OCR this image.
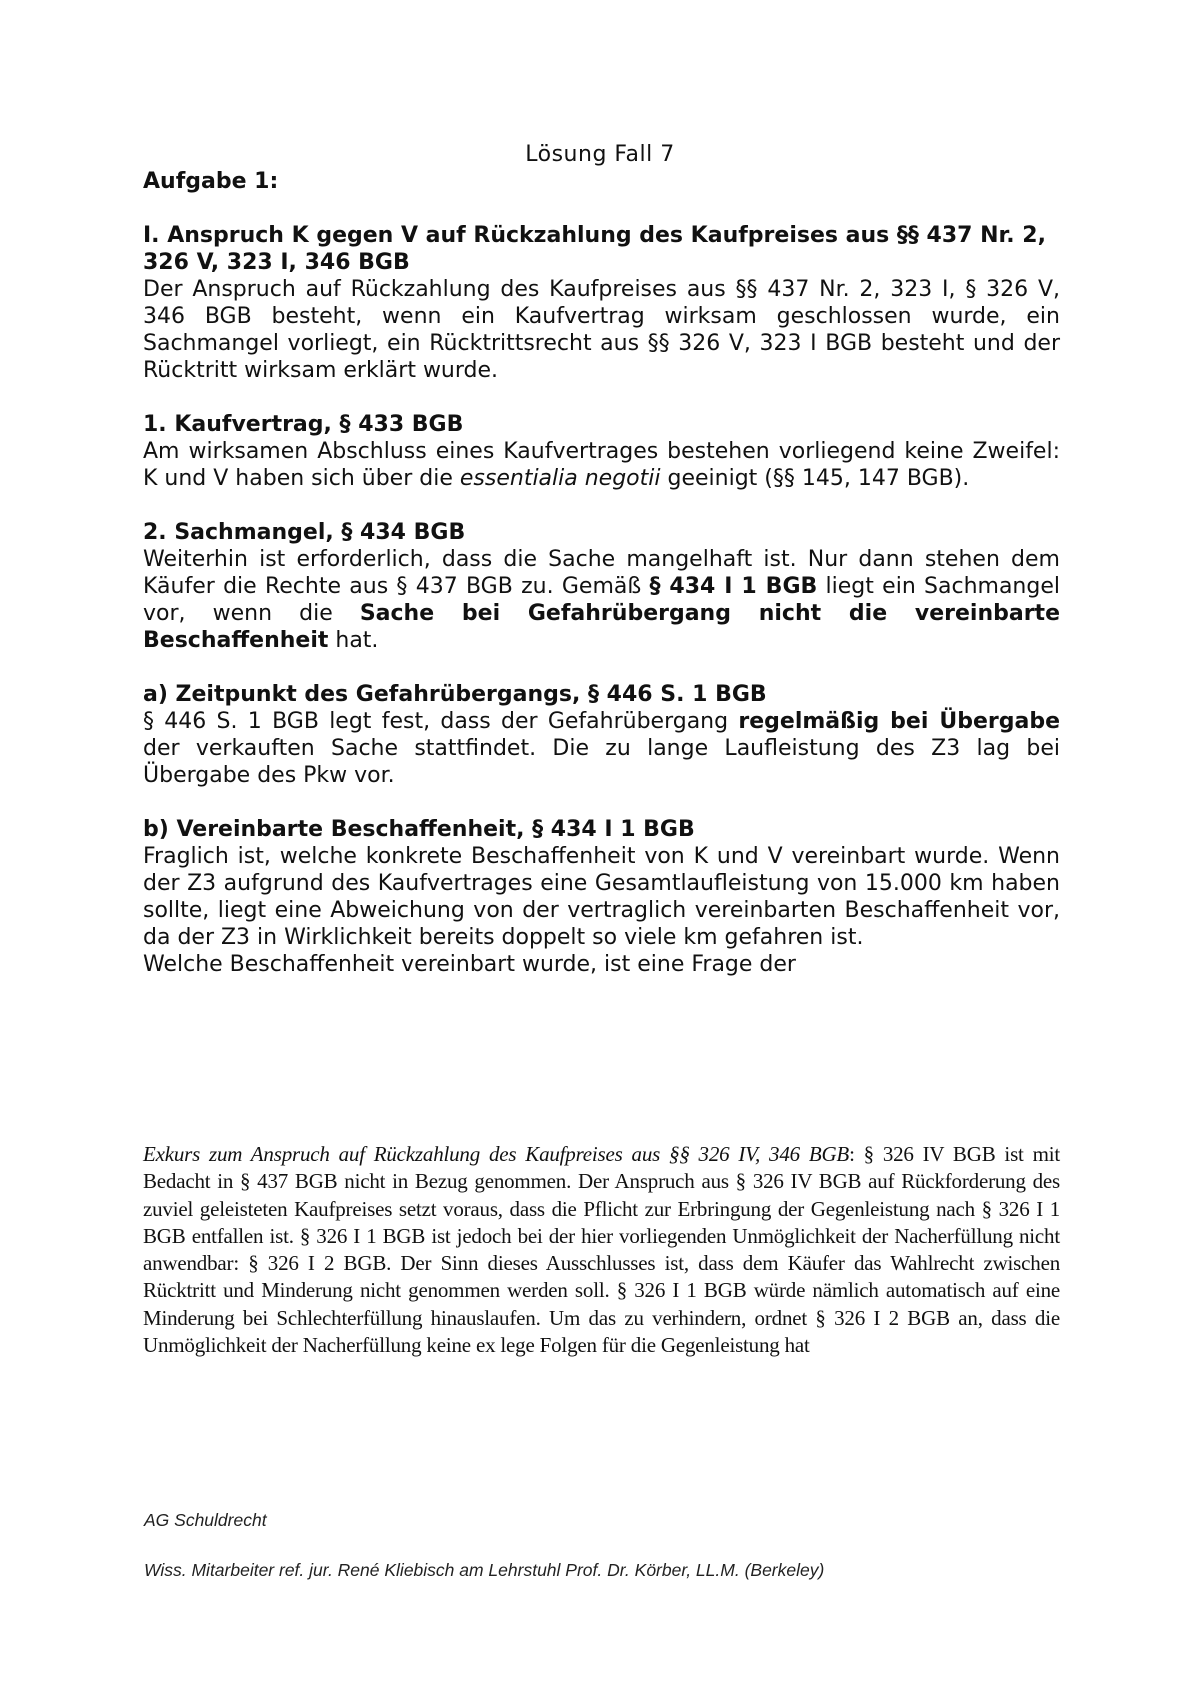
Lösung Fall 7

Aufgabe 1:

I. Anspruch K gegen V auf Rückzahlung des Kaufpreises aus §§ 437 Nr. 2, 326 V, 323 I, 346 BGB

Der Anspruch auf Rückzahlung des Kaufpreises aus §§ 437 Nr. 2, 323 I, § 326 V, 346 BGB besteht, wenn ein Kaufvertrag wirksam geschlossen wurde, ein Sachmangel vorliegt, ein Rücktrittsrecht aus §§ 326 V, 323 I BGB besteht und der Rücktritt wirksam erklärt wurde.

1. Kaufvertrag, § 433 BGB

Am wirksamen Abschluss eines Kaufvertrages bestehen vorliegend keine Zweifel: K und V haben sich über die essentialia negotii geeinigt (§§ 145, 147 BGB).

2. Sachmangel, § 434 BGB

Weiterhin ist erforderlich, dass die Sache mangelhaft ist. Nur dann stehen dem Käufer die Rechte aus § 437 BGB zu. Gemäß § 434 I 1 BGB liegt ein Sachmangel vor, wenn die Sache bei Gefahrübergang nicht die vereinbarte Beschaffenheit hat.

a) Zeitpunkt des Gefahrübergangs, § 446 S. 1 BGB

§ 446 S. 1 BGB legt fest, dass der Gefahrübergang regelmäßig bei Übergabe der verkauften Sache stattfindet. Die zu lange Laufleistung des Z3 lag bei Übergabe des Pkw vor.

b) Vereinbarte Beschaffenheit, § 434 I 1 BGB

Fraglich ist, welche konkrete Beschaffenheit von K und V vereinbart wurde. Wenn der Z3 aufgrund des Kaufvertrages eine Gesamtlaufleistung von 15.000 km haben sollte, liegt eine Abweichung von der vertraglich vereinbarten Beschaffenheit vor, da der Z3 in Wirklichkeit bereits doppelt so viele km gefahren ist.

Welche Beschaffenheit vereinbart wurde, ist eine Frage der

Exkurs zum Anspruch auf Rückzahlung des Kaufpreises aus §§ 326 IV, 346 BGB: § 326 IV BGB ist mit Bedacht in § 437 BGB nicht in Bezug genommen. Der Anspruch aus § 326 IV BGB auf Rückforderung des zuviel geleisteten Kaufpreises setzt voraus, dass die Pflicht zur Erbringung der Gegenleistung nach § 326 I 1 BGB entfallen ist. § 326 I 1 BGB ist jedoch bei der hier vorliegenden Unmöglichkeit der Nacherfüllung nicht anwendbar: § 326 I 2 BGB. Der Sinn dieses Ausschlusses ist, dass dem Käufer das Wahlrecht zwischen Rücktritt und Minderung nicht genommen werden soll. § 326 I 1 BGB würde nämlich automatisch auf eine Minderung bei Schlechterfüllung hinauslaufen. Um das zu verhindern, ordnet § 326 I 2 BGB an, dass die Unmöglichkeit der Nacherfüllung keine ex lege Folgen für die Gegenleistung hat

AG Schuldrecht
Wiss. Mitarbeiter ref. jur. René Kliebisch am Lehrstuhl Prof. Dr. Körber, LL.M. (Berkeley)
